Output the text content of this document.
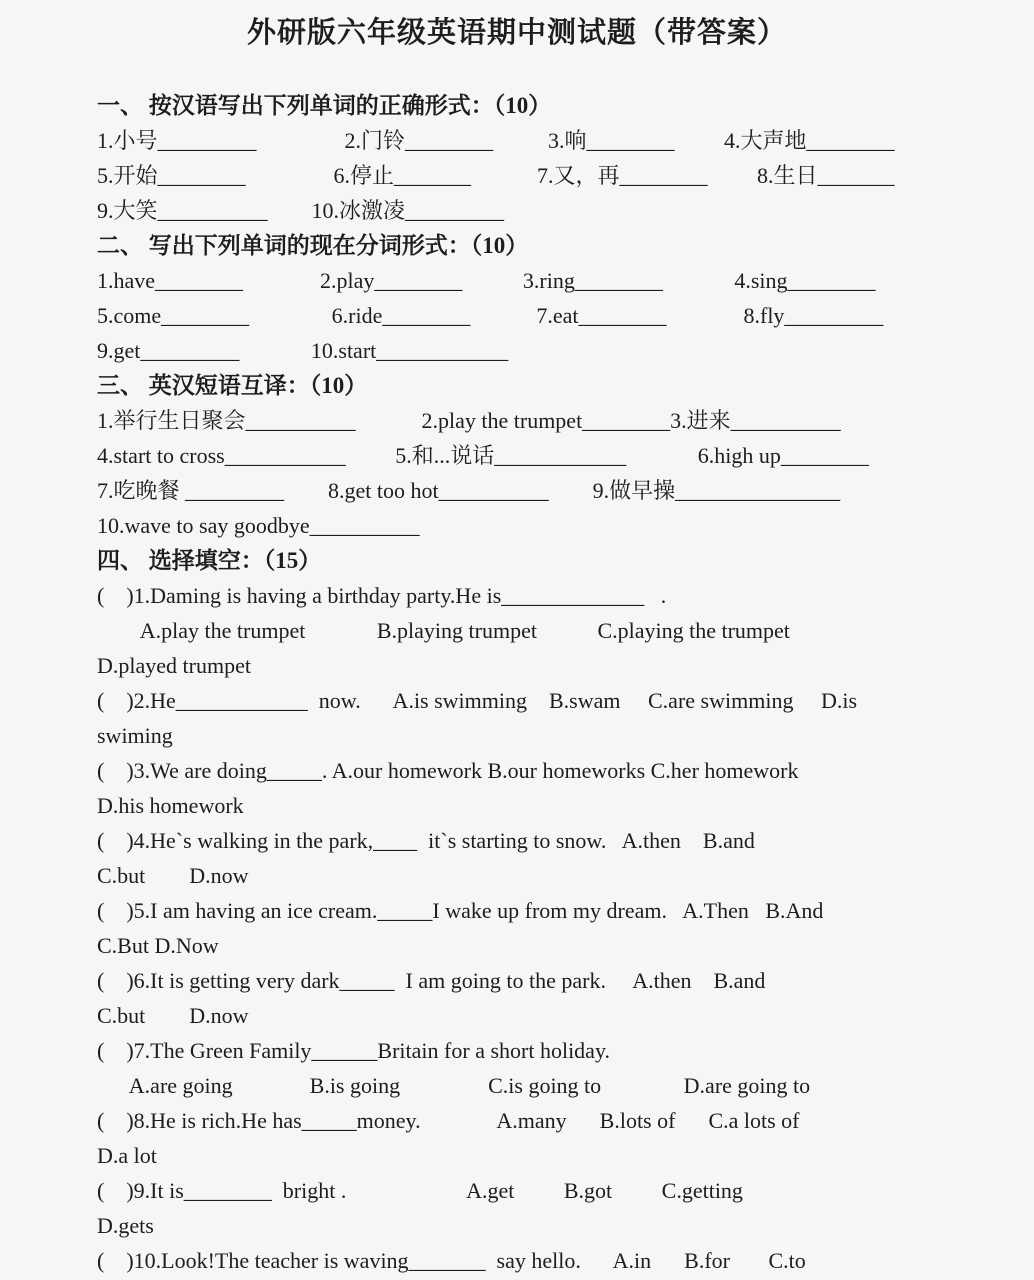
外研版六年级英语期中测试题（带答案）
一、 按汉语写出下列单词的正确形式：（10）
1.小号_________                2.门铃________          3.响________         4.大声地________
5.开始________                6.停止_______            7.又，再________         8.生日_______
9.大笑__________        10.冰激凌_________
二、 写出下列单词的现在分词形式：（10）
1.have________              2.play________           3.ring________             4.sing________
5.come________               6.ride________            7.eat________              8.fly_________
9.get_________             10.start____________
三、 英汉短语互译：（10）
1.举行生日聚会__________            2.play the trumpet________3.进来__________
4.start to cross___________         5.和...说话____________             6.high up________
7.吃晚餐 _________        8.get too hot__________        9.做早操_______________
10.wave to say goodbye__________
四、 选择填空：（15）
(    )1.Daming is having a birthday party.He is_____________   .
A.play the trumpet             B.playing trumpet           C.playing the trumpet
D.played trumpet
(    )2.He____________  now.      A.is swimming    B.swam     C.are swimming     D.is
swiming
(    )3.We are doing_____. A.our homework B.our homeworks C.her homework
D.his homework
(    )4.He`s walking in the park,____  it`s starting to snow.   A.then    B.and
C.but        D.now
(    )5.I am having an ice cream._____I wake up from my dream.   A.Then   B.And
C.But D.Now
(    )6.It is getting very dark_____  I am going to the park.     A.then    B.and
C.but        D.now
(    )7.The Green Family______Britain for a short holiday.
A.are going              B.is going                C.is going to               D.are going to
(    )8.He is rich.He has_____money.              A.many      B.lots of      C.a lots of
D.a lot
(    )9.It is________  bright .                      A.get         B.got         C.getting
D.gets
(    )10.Look!The teacher is waving_______  say hello.      A.in      B.for       C.to
